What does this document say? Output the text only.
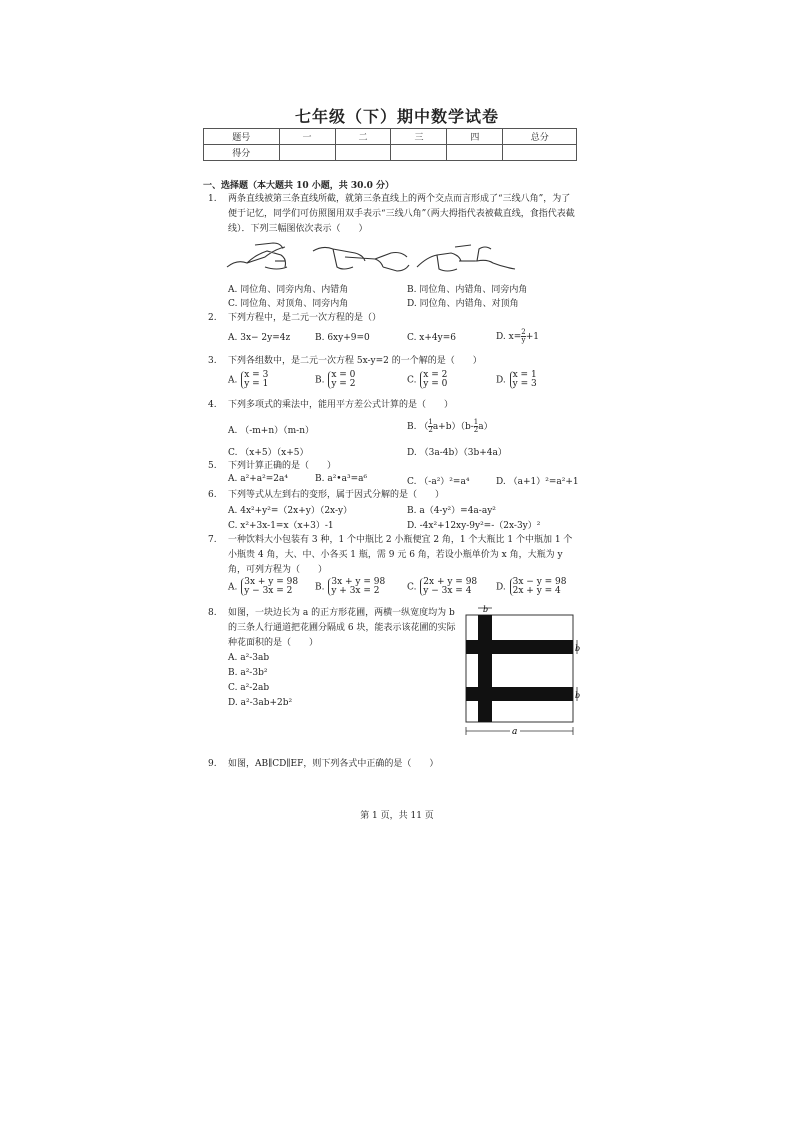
七年级（下）期中数学试卷
题号	一	二	三	四	总分
得分					
一、选择题（本大题共 10 小题，共 30.0 分）
1. 两条直线被第三条直线所截，就第三条直线上的两个交点而言形成了“三线八角”，为了便于记忆，同学们可仿照图用双手表示“三线八角”（两大拇指代表被截直线，食指代表截线）．下列三幅图依次表示（　　）
A. 同位角、同旁内角、内错角	B. 同位角、内错角、同旁内角
C. 同位角、对顶角、同旁内角	D. 同位角、内错角、对顶角
2. 下列方程中，是二元一次方程的是（）
A. 3x− 2y=4z	B. 6xy+9=0	C. x+4y=6	D. $x= \frac{2}{y} +1$
3. 下列各组数中，是二元一次方程 5x-y=2 的一个解的是（　　）
A. x = 3
y = 1	B. x = 0
y = 2	C. x = 2
y = 0	D. x = 1
y = 3
4. 下列多项式的乘法中，能用平方差公式计算的是（　　）
A. （-m+n）（m-n）	B. （ $\frac{1}{2} a+b)(b- \frac{1}{2} a)$
C. （x+5）（x+5）	D. （3a-4b）（3b+4a）
5. 下列计算正确的是（　　）
A. a²+a²=2a⁴	B. a²•a³=a⁶	C. （-a²）²=a⁴	D. （a+1）²=a²+1
6. 下列等式从左到右的变形，属于因式分解的是（　　）
A. 4x²+y²=（2x+y）（2x-y）	B. a（4-y²）=4a-ay²
C. x²+3x-1=x（x+3）-1	D. -4x²+12xy-9y²=-（2x-3y）²
7. 一种饮料大小包装有 3 种，1 个中瓶比 2 小瓶便宜 2 角，1 个大瓶比 1 个中瓶加 1 个小瓶贵 4 角，大、中、小各买 1 瓶，需 9 元 6 角，若设小瓶单价为 x 角，大瓶为 y 角，可列方程为（　　）
A. 3x + y = 98
y − 3x = 2	B. 3x + y = 98
y + 3x = 2	C. 2x + y = 98
y − 3x = 4	D. 3x − y = 98
2x + y = 4
8. 如图，一块边长为 a 的正方形花圃，两横一纵宽度均为 b 的三条人行通道把花圃分隔成 6 块，能表示该花圃的实际种花面积的是（　　）
A. a²-3ab
B. a²-3b²
C. a²-2ab
D. a²-3ab+2b²
b
b
b
a
9. 如图，AB∥CD∥EF，则下列各式中正确的是（　　）
第 1 页，共 11 页
